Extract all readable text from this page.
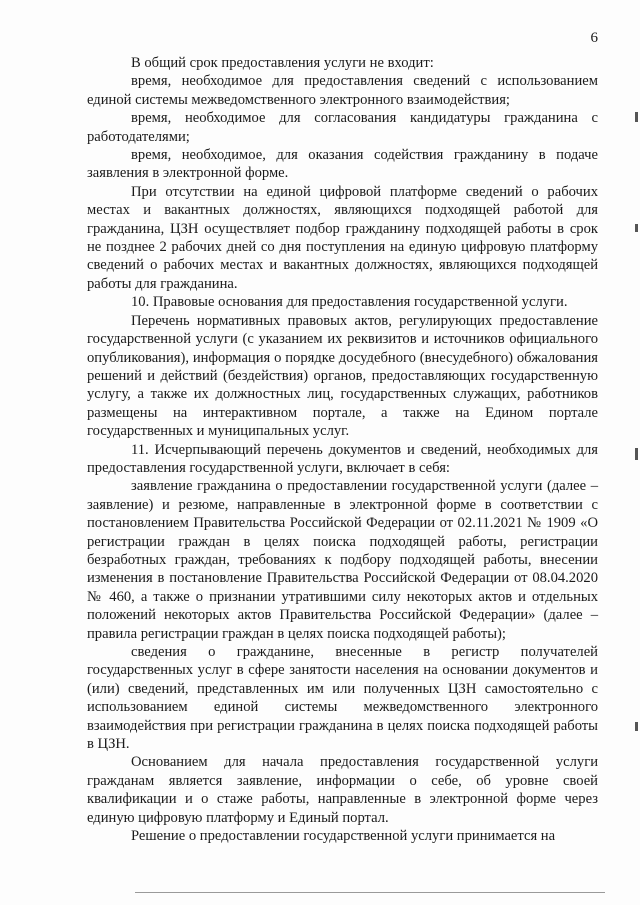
6

В общий срок предоставления услуги не входит:

время, необходимое для предоставления сведений с использованием единой системы межведомственного электронного взаимодействия;

время, необходимое для согласования кандидатуры гражданина с работодателями;

время, необходимое, для оказания содействия гражданину в подаче заявления в электронной форме.

При отсутствии на единой цифровой платформе сведений о рабочих местах и вакантных должностях, являющихся подходящей работой для гражданина, ЦЗН осуществляет подбор гражданину подходящей работы в срок не позднее 2 рабочих дней со дня поступления на единую цифровую платформу сведений о рабочих местах и вакантных должностях, являющихся подходящей работы для гражданина.

10. Правовые основания для предоставления государственной услуги.

Перечень нормативных правовых актов, регулирующих предоставление государственной услуги (с указанием их реквизитов и источников официального опубликования), информация о порядке досудебного (внесудебного) обжалования решений и действий (бездействия) органов, предоставляющих государственную услугу, а также их должностных лиц, государственных служащих, работников размещены на интерактивном портале, а также на Едином портале государственных и муниципальных услуг.

11. Исчерпывающий перечень документов и сведений, необходимых для предоставления государственной услуги, включает в себя:

заявление гражданина о предоставлении государственной услуги (далее – заявление) и резюме, направленные в электронной форме в соответствии с постановлением Правительства Российской Федерации от 02.11.2021 № 1909 «О регистрации граждан в целях поиска подходящей работы, регистрации безработных граждан, требованиях к подбору подходящей работы, внесении изменения в постановление Правительства Российской Федерации от 08.04.2020 № 460, а также о признании утратившими силу некоторых актов и отдельных положений некоторых актов Правительства Российской Федерации» (далее – правила регистрации граждан в целях поиска подходящей работы);

сведения о гражданине, внесенные в регистр получателей государственных услуг в сфере занятости населения на основании документов и (или) сведений, представленных им или полученных ЦЗН самостоятельно с использованием единой системы межведомственного электронного взаимодействия при регистрации гражданина в целях поиска подходящей работы в ЦЗН.

Основанием для начала предоставления государственной услуги гражданам является заявление, информации о себе, об уровне своей квалификации и о стаже работы, направленные в электронной форме через единую цифровую платформу и Единый портал.

Решение о предоставлении государственной услуги принимается на
